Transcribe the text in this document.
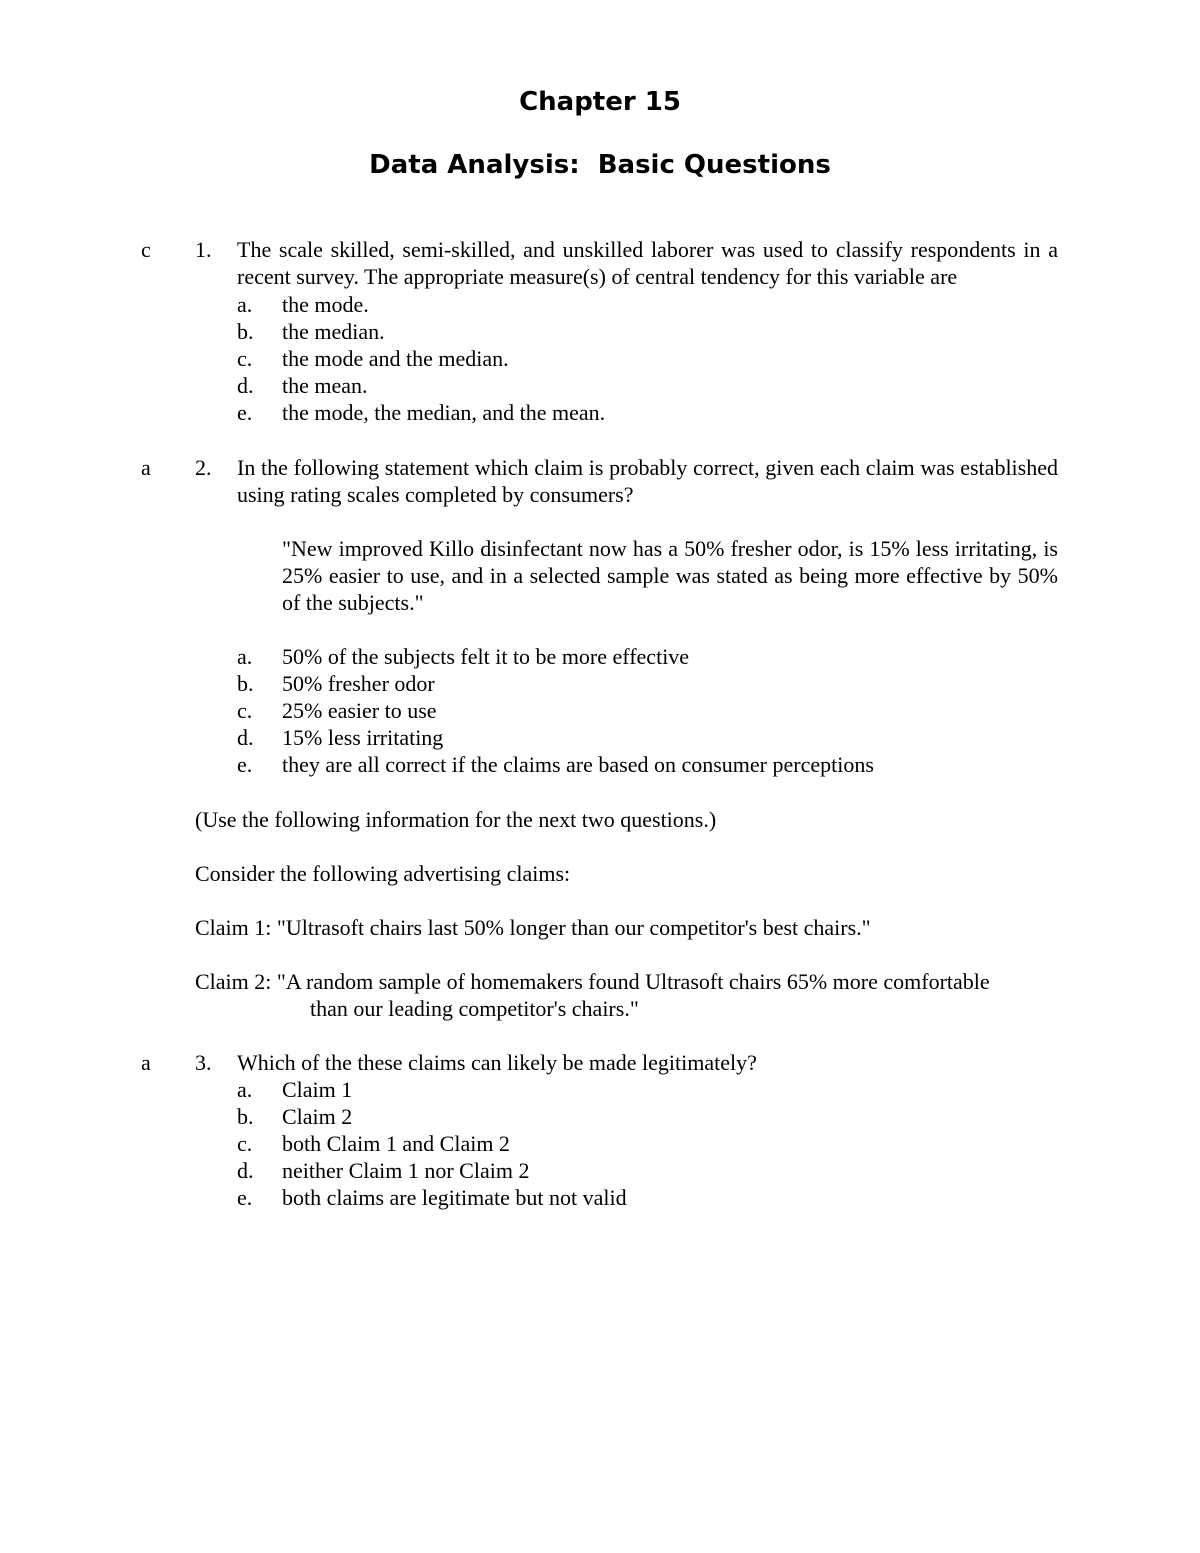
Chapter 15
Data Analysis:  Basic Questions
c 1. The scale skilled, semi-skilled, and unskilled laborer was used to classify respondents in a recent survey. The appropriate measure(s) of central tendency for this variable are
a. the mode.
b. the median.
c. the mode and the median.
d. the mean.
e. the mode, the median, and the mean.
a 2. In the following statement which claim is probably correct, given each claim was established using rating scales completed by consumers?
"New improved Killo disinfectant now has a 50% fresher odor, is 15% less irritating, is 25% easier to use, and in a selected sample was stated as being more effective by 50% of the subjects."
a. 50% of the subjects felt it to be more effective
b. 50% fresher odor
c. 25% easier to use
d. 15% less irritating
e. they are all correct if the claims are based on consumer perceptions
(Use the following information for the next two questions.)
Consider the following advertising claims:
Claim 1: "Ultrasoft chairs last 50% longer than our competitor's best chairs."
Claim 2: "A random sample of homemakers found Ultrasoft chairs 65% more comfortable
than our leading competitor's chairs."
a 3. Which of the these claims can likely be made legitimately?
a. Claim 1
b. Claim 2
c. both Claim 1 and Claim 2
d. neither Claim 1 nor Claim 2
e. both claims are legitimate but not valid
